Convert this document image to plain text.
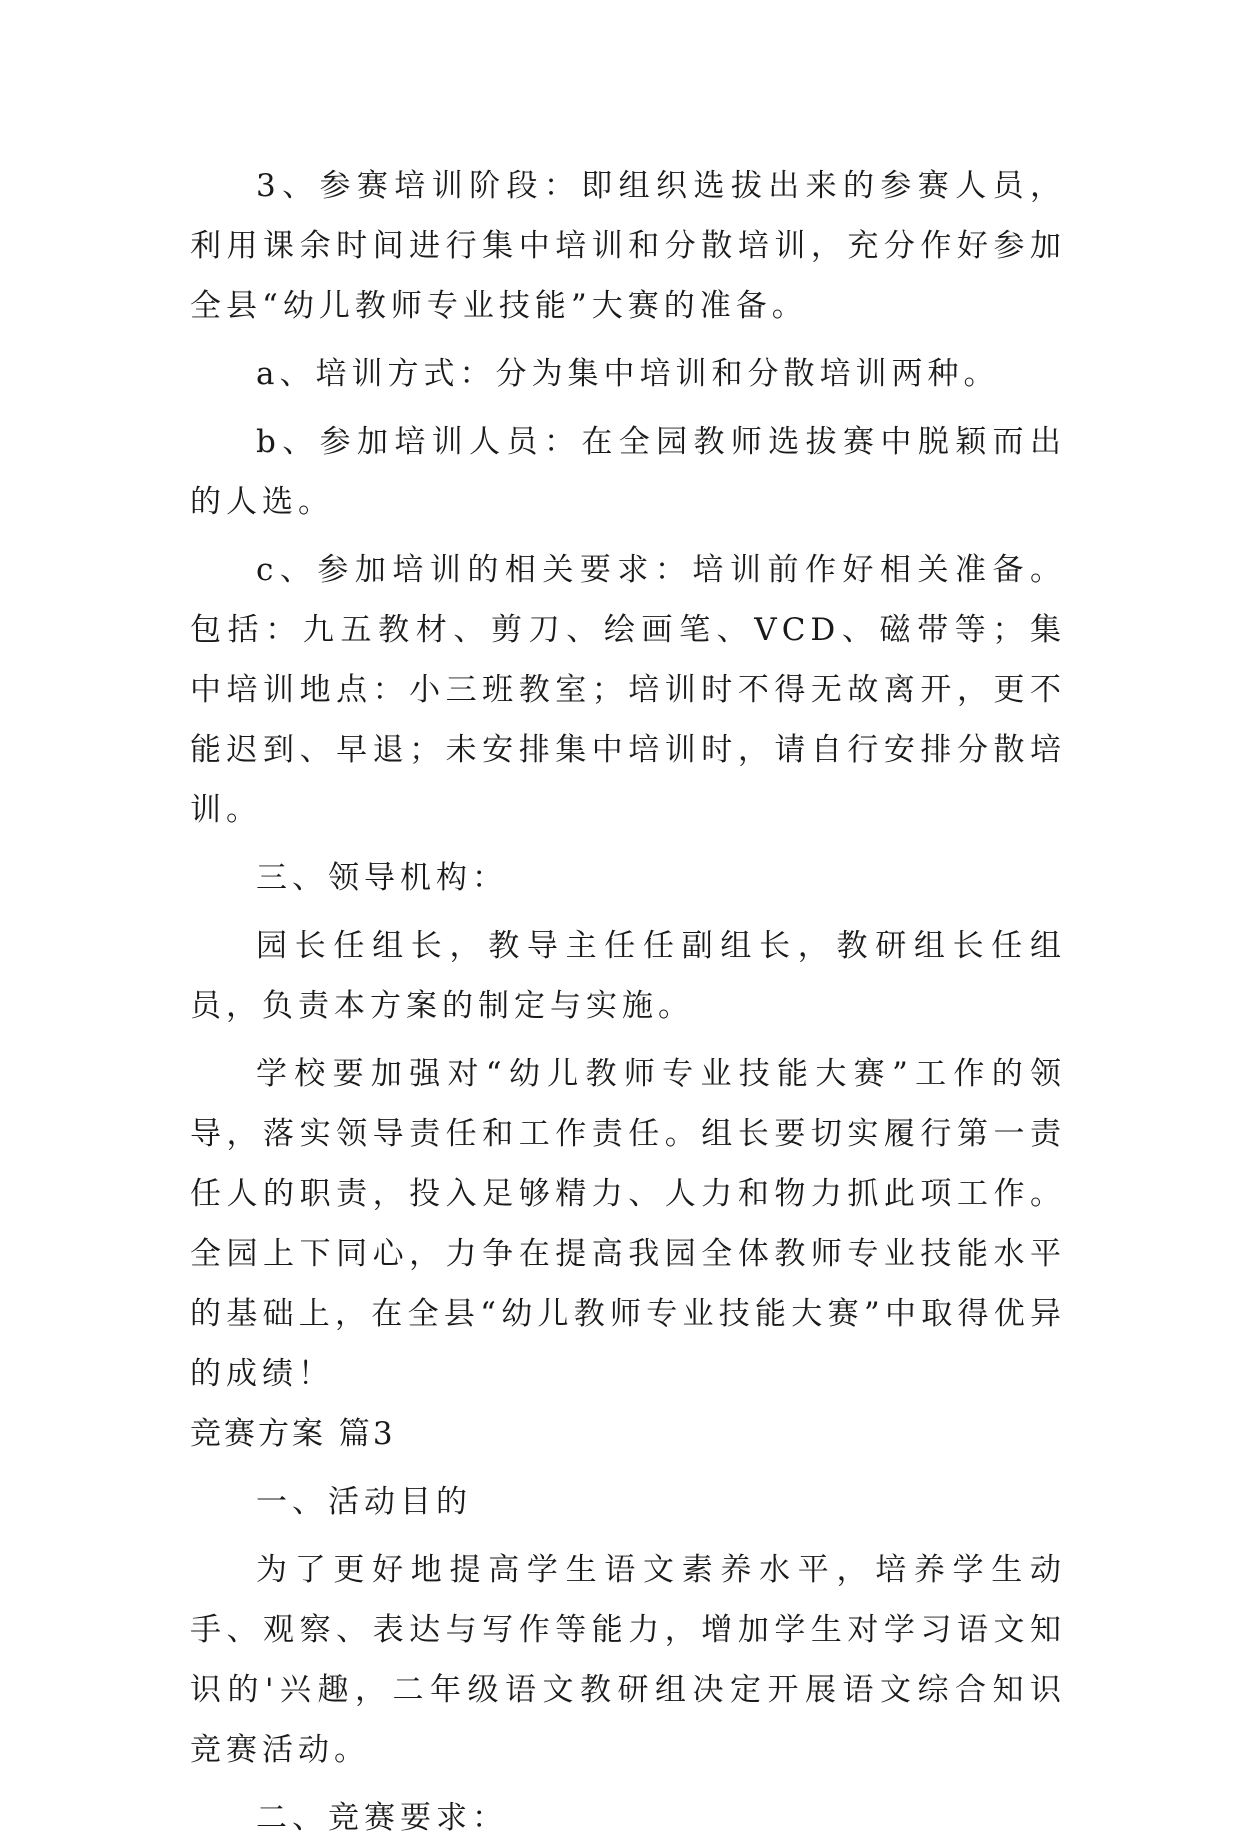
3、参赛培训阶段：即组织选拔出来的参赛人员，利用课余时间进行集中培训和分散培训，充分作好参加全县“幼儿教师专业技能”大赛的准备。

a、培训方式：分为集中培训和分散培训两种。

b、参加培训人员：在全园教师选拔赛中脱颖而出的人选。

c、参加培训的相关要求：培训前作好相关准备。包括：九五教材、剪刀、绘画笔、VCD、磁带等；集中培训地点：小三班教室；培训时不得无故离开，更不能迟到、早退；未安排集中培训时，请自行安排分散培训。

三、领导机构：

园长任组长，教导主任任副组长，教研组长任组员，负责本方案的制定与实施。

学校要加强对“幼儿教师专业技能大赛”工作的领导，落实领导责任和工作责任。组长要切实履行第一责任人的职责，投入足够精力、人力和物力抓此项工作。全园上下同心，力争在提高我园全体教师专业技能水平的基础上，在全县“幼儿教师专业技能大赛”中取得优异的成绩！

竞赛方案 篇3

一、活动目的

为了更好地提高学生语文素养水平，培养学生动手、观察、表达与写作等能力，增加学生对学习语文知识的'兴趣，二年级语文教研组决定开展语文综合知识竞赛活动。

二、竞赛要求：
